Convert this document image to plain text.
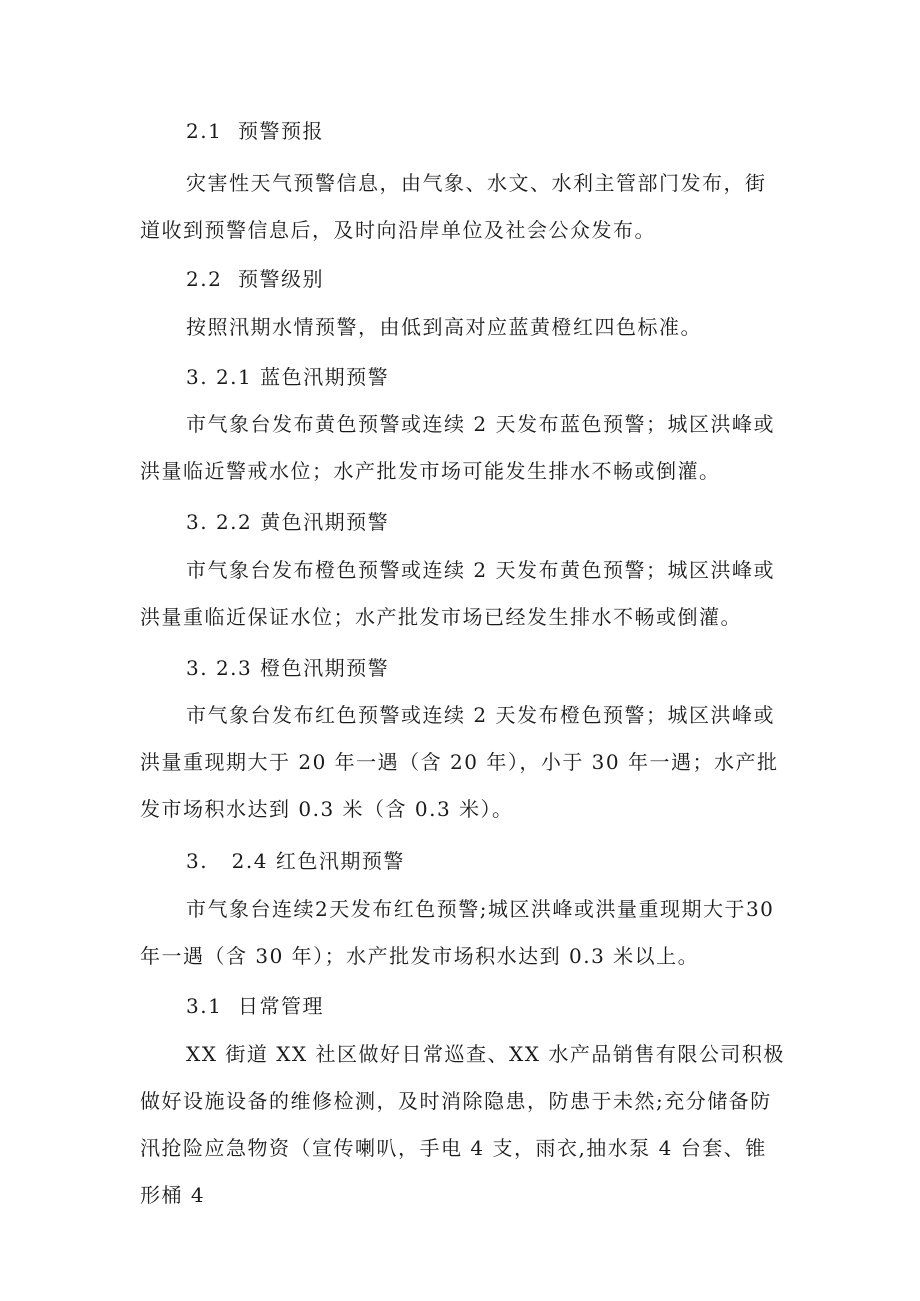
2.1  预警预报

灾害性天气预警信息，由气象、水文、水利主管部门发布，街道收到预警信息后，及时向沿岸单位及社会公众发布。

2.2  预警级别

按照汛期水情预警，由低到高对应蓝黄橙红四色标准。

3. 2.1 蓝色汛期预警

市气象台发布黄色预警或连续 2 天发布蓝色预警；城区洪峰或洪量临近警戒水位；水产批发市场可能发生排水不畅或倒灌。

3. 2.2 黄色汛期预警

市气象台发布橙色预警或连续 2 天发布黄色预警；城区洪峰或洪量重临近保证水位；水产批发市场已经发生排水不畅或倒灌。

3. 2.3 橙色汛期预警

市气象台发布红色预警或连续 2 天发布橙色预警；城区洪峰或洪量重现期大于 20 年一遇（含 20 年），小于 30 年一遇；水产批发市场积水达到 0.3 米（含 0.3 米）。

3.   2.4 红色汛期预警

市气象台连续2天发布红色预警;城区洪峰或洪量重现期大于30年一遇（含 30 年）；水产批发市场积水达到 0.3 米以上。

3.1  日常管理

XX 街道 XX 社区做好日常巡查、XX 水产品销售有限公司积极做好设施设备的维修检测，及时消除隐患，防患于未然;充分储备防汛抢险应急物资（宣传喇叭，手电 4 支，雨衣,抽水泵 4 台套、锥形桶 4
